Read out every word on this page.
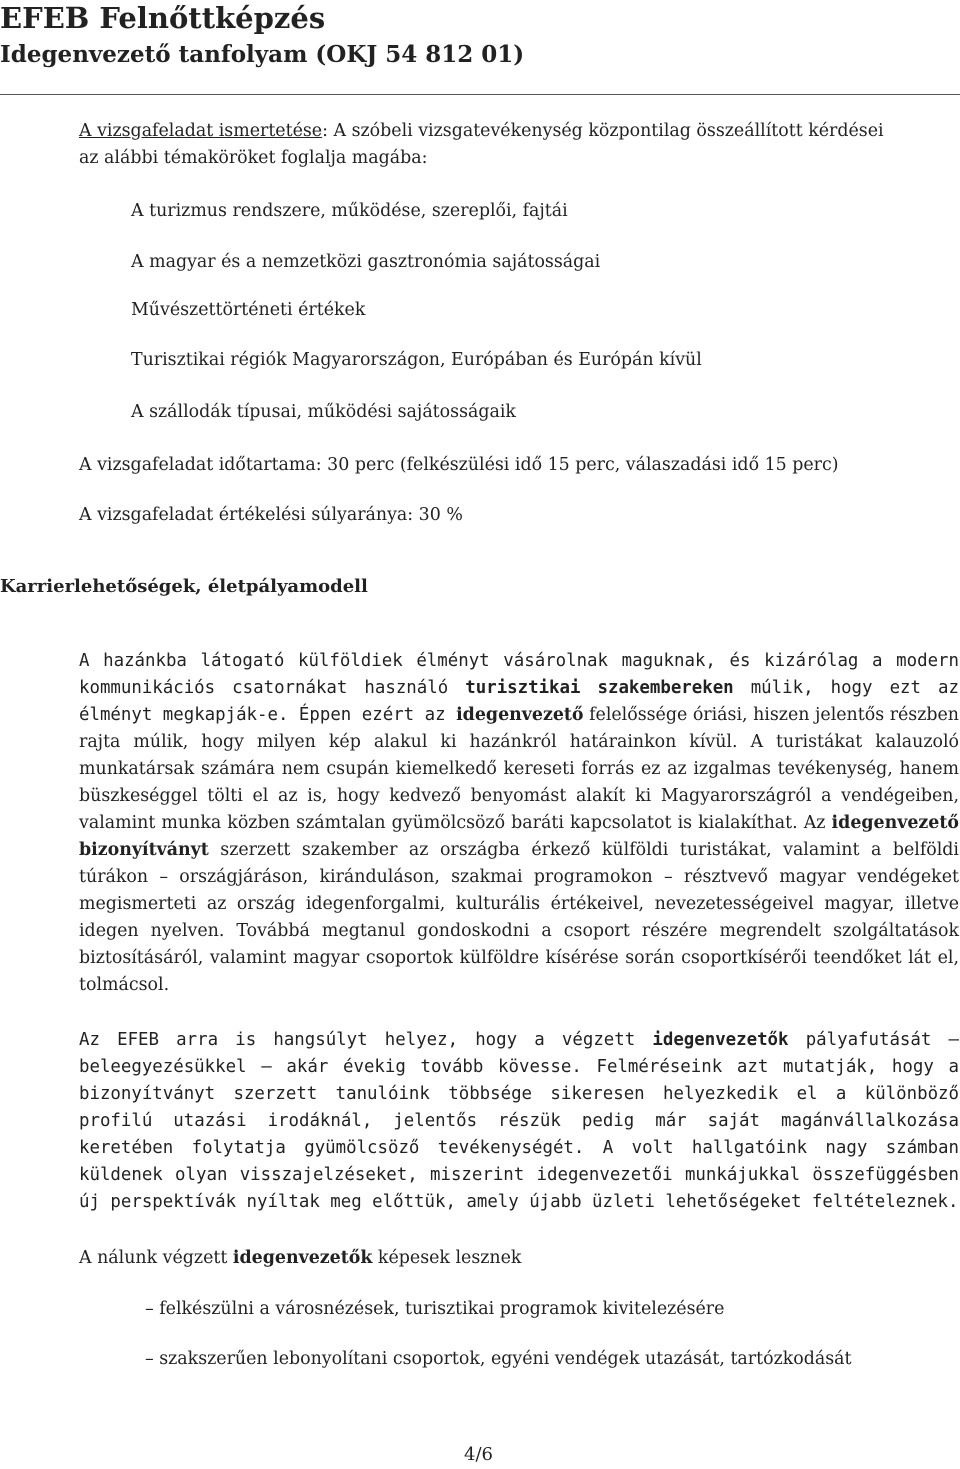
EFEB Felnőttképzés
Idegenvezető tanfolyam (OKJ 54 812 01)
A vizsgafeladat ismertetése: A szóbeli vizsgatevékenység központilag összeállított kérdései
az alábbi témaköröket foglalja magába:
A turizmus rendszere, működése, szereplői, fajtái
A magyar és a nemzetközi gasztronómia sajátosságai
Művészettörténeti értékek
Turisztikai régiók Magyarországon, Európában és Európán kívül
A szállodák típusai, működési sajátosságaik
A vizsgafeladat időtartama: 30 perc (felkészülési idő 15 perc, válaszadási idő 15 perc)
A vizsgafeladat értékelési súlyaránya: 30 %
Karrierlehetőségek, életpályamodell

A hazánkba látogató külföldiek élményt vásárolnak maguknak, és kizárólag a modern kommunikációs csatornákat használó turisztikai szakembereken múlik, hogy ezt az élményt megkapják-e. Éppen ezért az idegenvezető felelőssége óriási, hiszen jelentős részben rajta múlik, hogy milyen kép alakul ki hazánkról határainkon kívül. A turistákat kalauzoló munkatársak számára nem csupán kiemelkedő kereseti forrás ez az izgalmas tevékenység, hanem büszkeséggel tölti el az is, hogy kedvező benyomást alakít ki Magyarországról a vendégeiben, valamint munka közben számtalan gyümölcsöző baráti kapcsolatot is kialakíthat. Az idegenvezető bizonyítványt szerzett szakember az országba érkező külföldi turistákat, valamint a belföldi túrákon – országjáráson, kiránduláson, szakmai programokon – résztvevő magyar vendégeket megismerteti az ország idegenforgalmi, kulturális értékeivel, nevezetességeivel magyar, illetve idegen nyelven. Továbbá megtanul gondoskodni a csoport részére megrendelt szolgáltatások biztosításáról, valamint magyar csoportok külföldre kísérése során csoportkísérői teendőket lát el, tolmácsol.

Az EFEB arra is hangsúlyt helyez, hogy a végzett idegenvezetők pályafutását – beleegyezésükkel – akár évekig tovább kövesse. Felméréseink azt mutatják, hogy a bizonyítványt szerzett tanulóink többsége sikeresen helyezkedik el a különböző profilú utazási irodáknál, jelentős részük pedig már saját magánvállalkozása keretében folytatja gyümölcsöző tevékenységét. A volt hallgatóink nagy számban küldenek olyan visszajelzéseket, miszerint idegenvezetői munkájukkal összefüggésben új perspektívák nyíltak meg előttük, amely újabb üzleti lehetőségeket feltételeznek.

A nálunk végzett idegenvezetők képesek lesznek
– felkészülni a városnézések, turisztikai programok kivitelezésére
– szakszerűen lebonyolítani csoportok, egyéni vendégek utazását, tartózkodását
4/6
